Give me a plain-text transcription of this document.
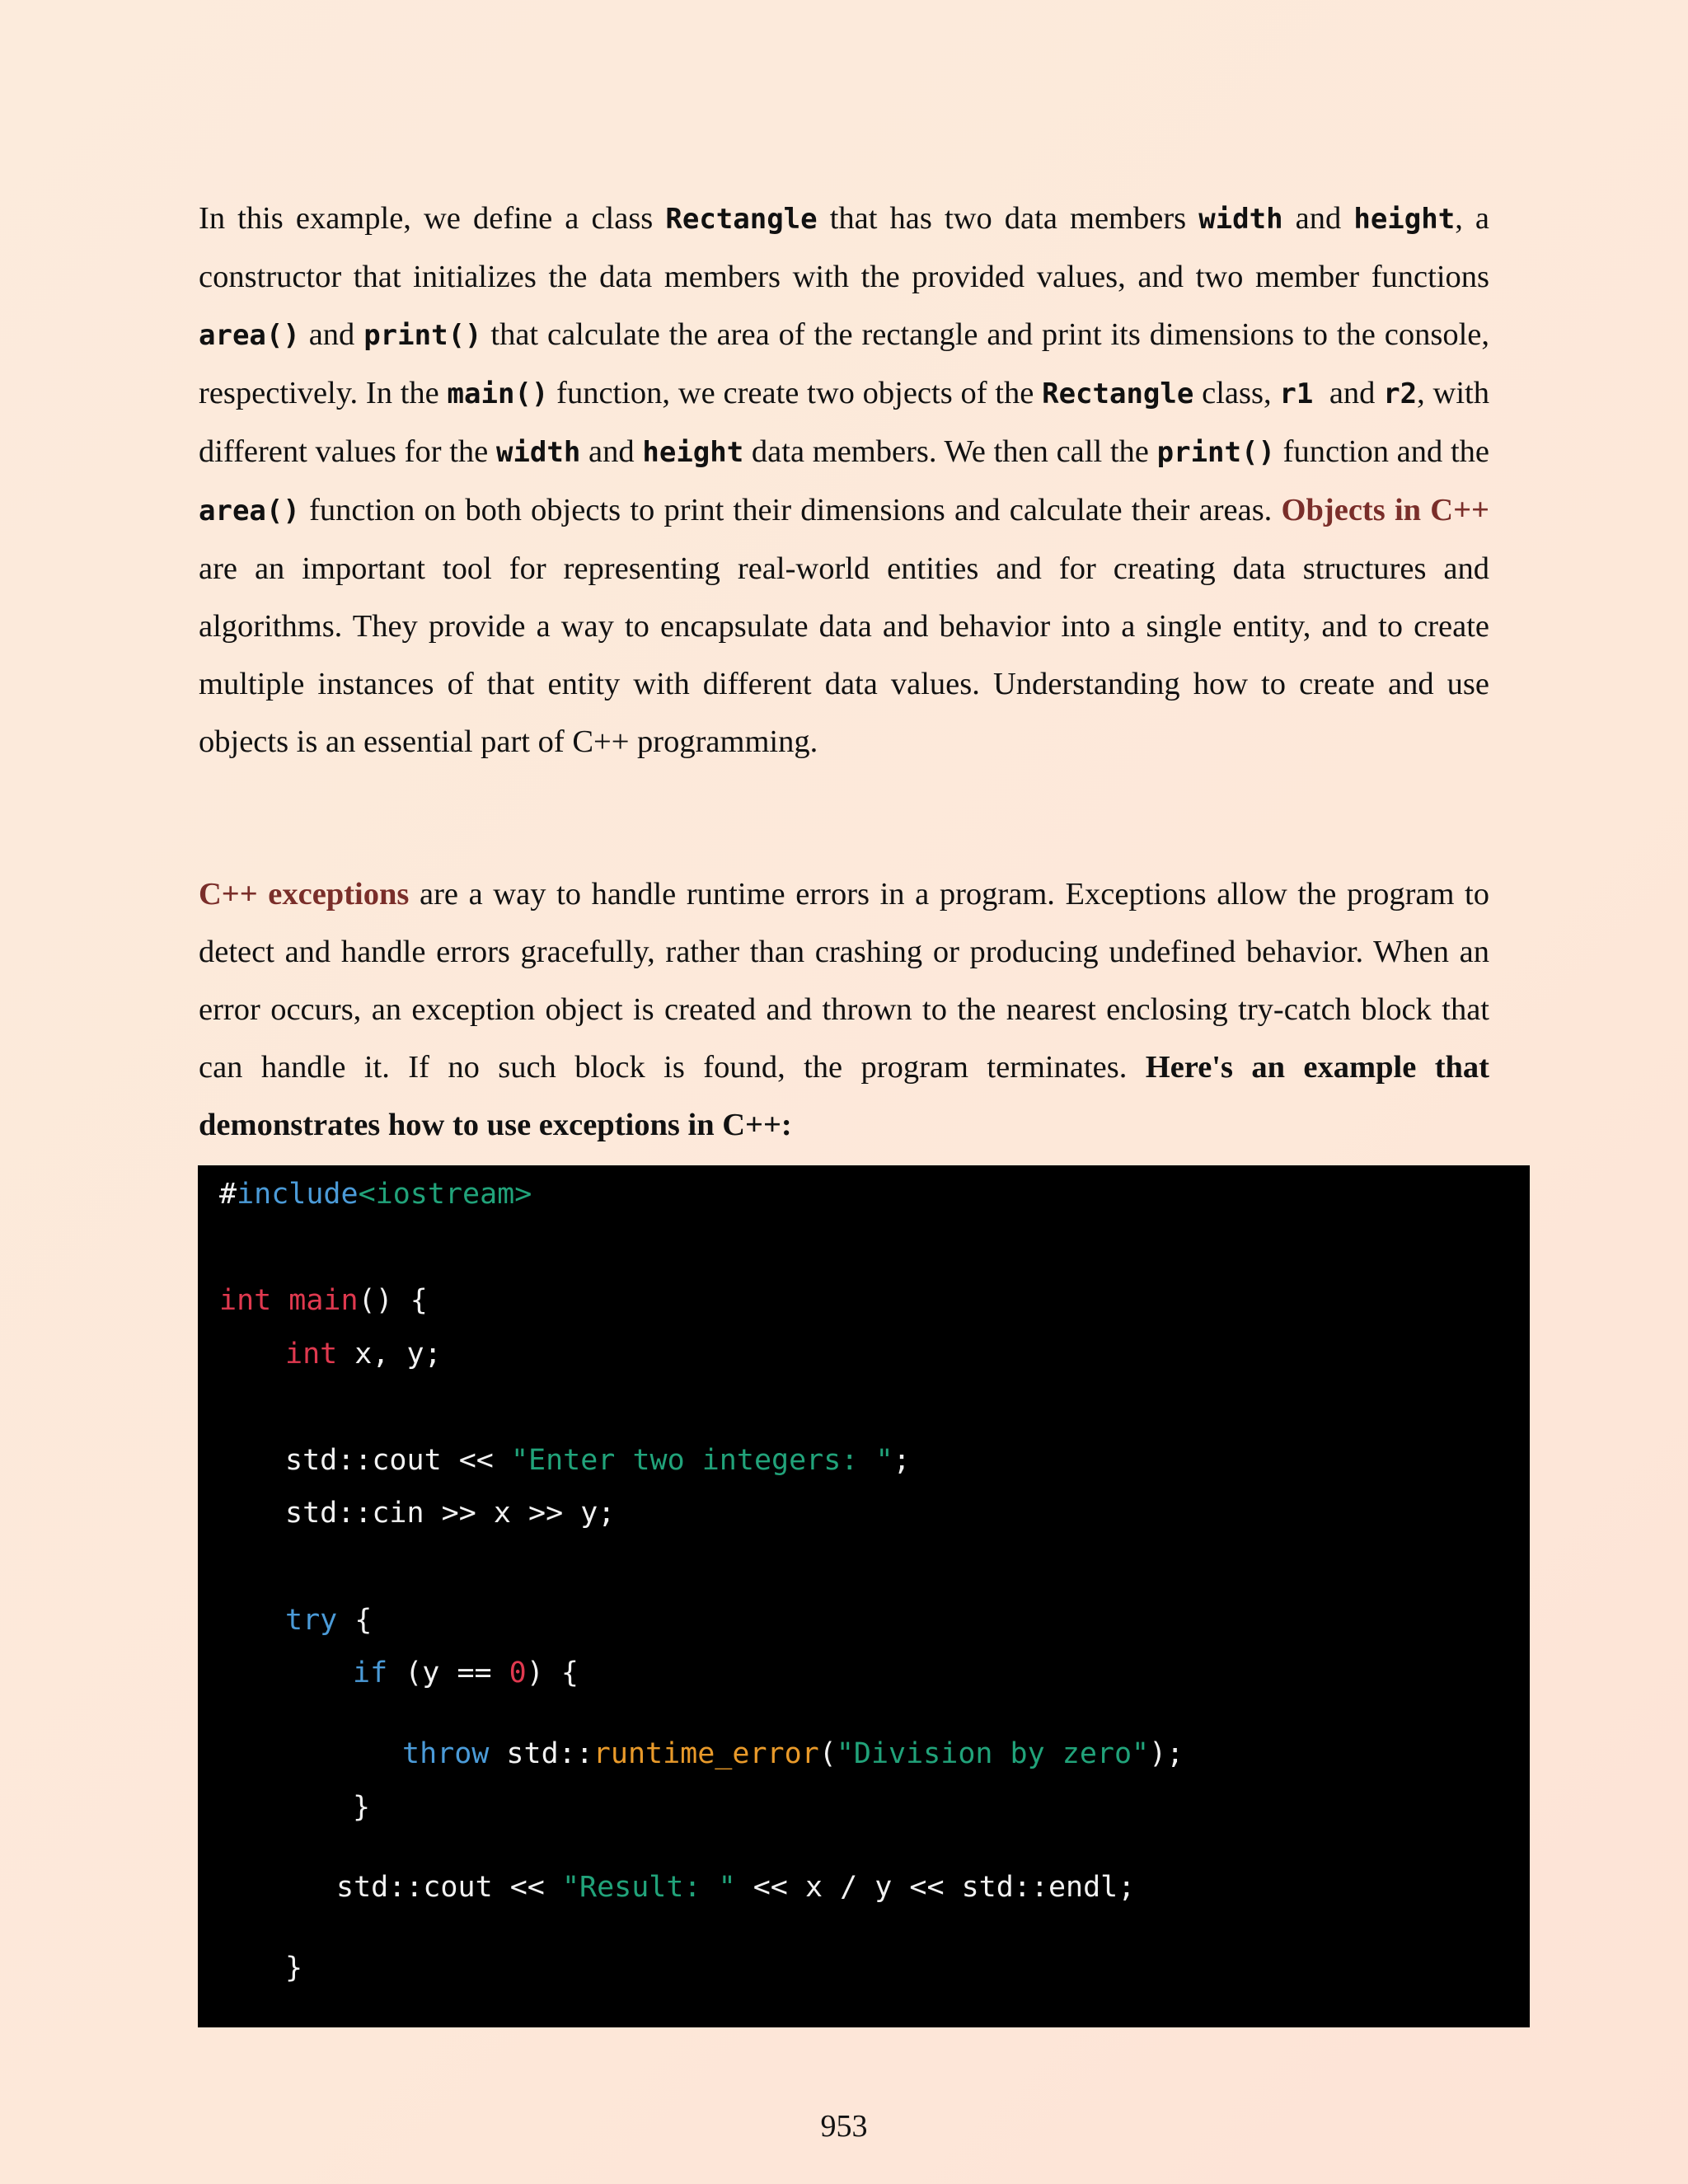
In this example, we define a class Rectangle that has two data members width and height, a constructor that initializes the data members with the provided values, and two member functions area() and print() that calculate the area of the rectangle and print its dimensions to the console, respectively. In the main() function, we create two objects of the Rectangle class, r1  and r2, with different values for the width and height data members. We then call the print() function and the area() function on both objects to print their dimensions and calculate their areas. Objects in C++ are an important tool for representing real-world entities and for creating data structures and algorithms. They provide a way to encapsulate data and behavior into a single entity, and to create multiple instances of that entity with different data values. Understanding how to create and use objects is an essential part of C++ programming.

C++ exceptions are a way to handle runtime errors in a program. Exceptions allow the program to detect and handle errors gracefully, rather than crashing or producing undefined behavior. When an error occurs, an exception object is created and thrown to the nearest enclosing try-catch block that can handle it. If no such block is found, the program terminates. Here's an example that demonstrates how to use exceptions in C++:

#include<iostream>
int main() {
int x, y;
std::cout << "Enter two integers: ";
std::cin >> x >> y;
try {
if (y == 0) {
throw std::runtime_error("Division by zero");
}
std::cout << "Result: " << x / y << std::endl;
}
953
